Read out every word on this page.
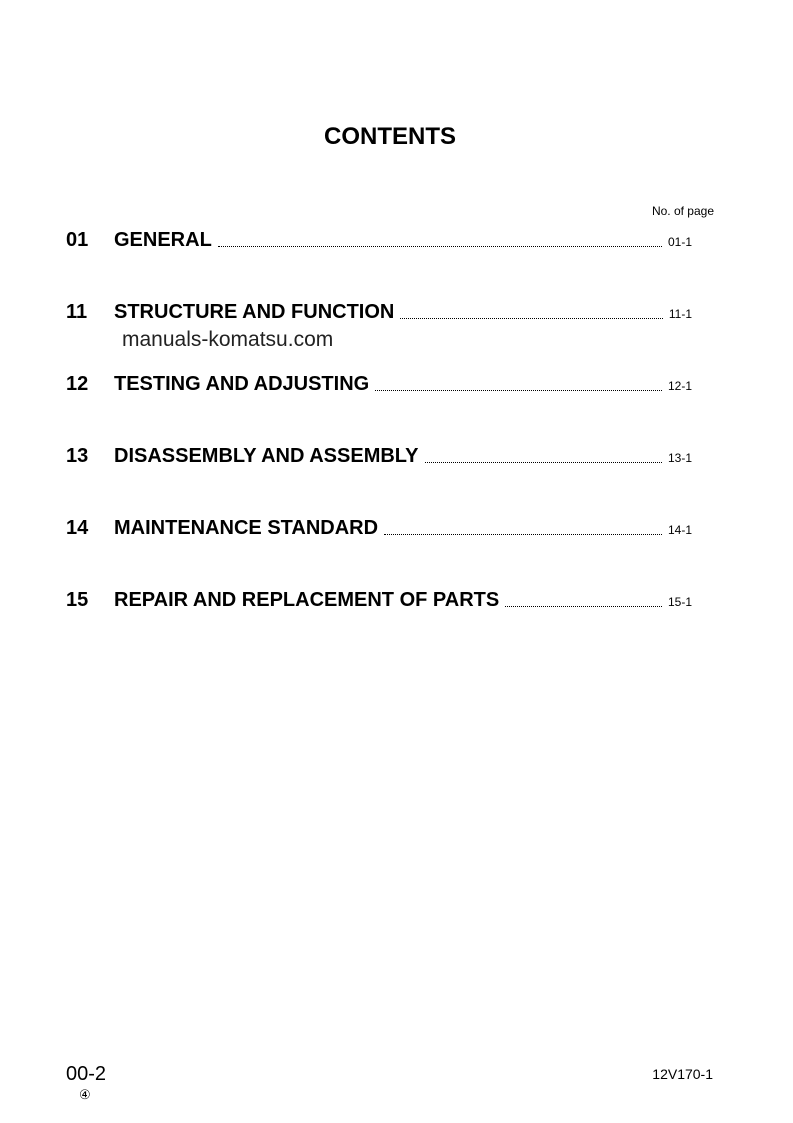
CONTENTS
No. of page
01	GENERAL	01-1
11	STRUCTURE AND FUNCTION	11-1
12	TESTING AND ADJUSTING	12-1
13	DISASSEMBLY AND ASSEMBLY	13-1
14	MAINTENANCE STANDARD	14-1
15	REPAIR AND REPLACEMENT OF PARTS	15-1
manuals-komatsu.com
00-2
④
12V170-1
